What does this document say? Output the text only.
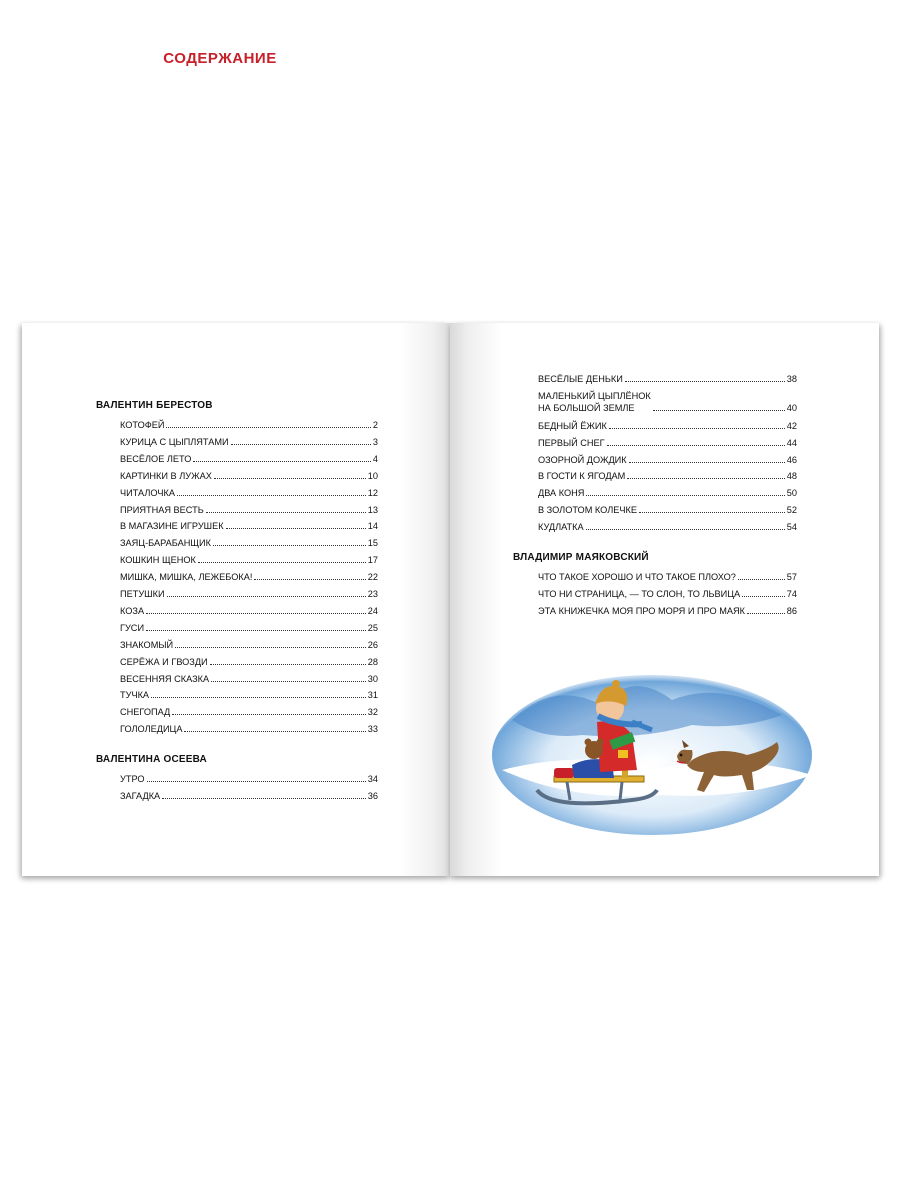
СОДЕРЖАНИЕ
ВАЛЕНТИН БЕРЕСТОВ
КОТОФЕЙ	2
КУРИЦА С ЦЫПЛЯТАМИ	3
ВЕСЁЛОЕ ЛЕТО	4
КАРТИНКИ В ЛУЖАХ	10
ЧИТАЛОЧКА	12
ПРИЯТНАЯ ВЕСТЬ	13
В МАГАЗИНЕ ИГРУШЕК	14
ЗАЯЦ-БАРАБАНЩИК	15
КОШКИН ЩЕНОК	17
МИШКА, МИШКА, ЛЕЖЕБОКА!	22
ПЕТУШКИ	23
КОЗА	24
ГУСИ	25
ЗНАКОМЫЙ	26
СЕРЁЖА И ГВОЗДИ	28
ВЕСЕННЯЯ СКАЗКА	30
ТУЧКА	31
СНЕГОПАД	32
ГОЛОЛЕДИЦА	33
ВАЛЕНТИНА ОСЕЕВА
УТРО	34
ЗАГАДКА	36
ВЕСЁЛЫЕ ДЕНЬКИ	38
МАЛЕНЬКИЙ ЦЫПЛЁНОК
НА БОЛЬШОЙ ЗЕМЛЕ	40
БЕДНЫЙ ЁЖИК	42
ПЕРВЫЙ СНЕГ	44
ОЗОРНОЙ ДОЖДИК	46
В ГОСТИ К ЯГОДАМ	48
ДВА КОНЯ	50
В ЗОЛОТОМ КОЛЕЧКЕ	52
КУДЛАТКА	54
ВЛАДИМИР МАЯКОВСКИЙ
ЧТО ТАКОЕ ХОРОШО И ЧТО ТАКОЕ ПЛОХО?	57
ЧТО НИ СТРАНИЦА, — ТО СЛОН, ТО ЛЬВИЦА	74
ЭТА КНИЖЕЧКА МОЯ ПРО МОРЯ И ПРО МАЯК	86
